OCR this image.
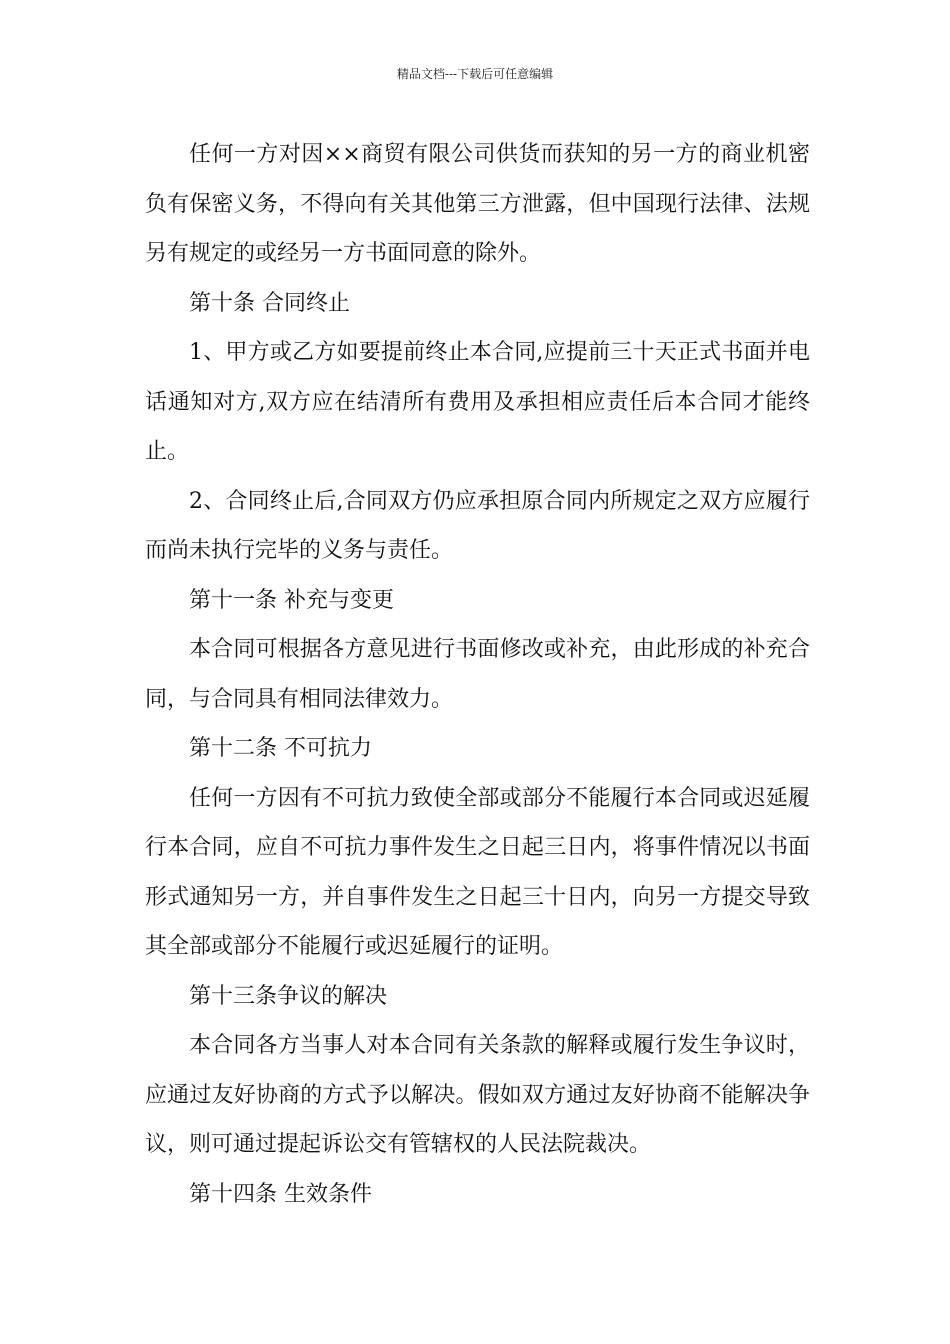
精品文档---下载后可任意编辑

任何一方对因××商贸有限公司供货而获知的另一方的商业机密负有保密义务，不得向有关其他第三方泄露，但中国现行法律、法规另有规定的或经另一方书面同意的除外。

第十条 合同终止

1、甲方或乙方如要提前终止本合同,应提前三十天正式书面并电话通知对方,双方应在结清所有费用及承担相应责任后本合同才能终止。

2、合同终止后,合同双方仍应承担原合同内所规定之双方应履行而尚未执行完毕的义务与责任。

第十一条 补充与变更

本合同可根据各方意见进行书面修改或补充，由此形成的补充合同，与合同具有相同法律效力。

第十二条 不可抗力

任何一方因有不可抗力致使全部或部分不能履行本合同或迟延履行本合同，应自不可抗力事件发生之日起三日内，将事件情况以书面形式通知另一方，并自事件发生之日起三十日内，向另一方提交导致其全部或部分不能履行或迟延履行的证明。

第十三条争议的解决

本合同各方当事人对本合同有关条款的解释或履行发生争议时，应通过友好协商的方式予以解决。假如双方通过友好协商不能解决争议，则可通过提起诉讼交有管辖权的人民法院裁决。

第十四条 生效条件
